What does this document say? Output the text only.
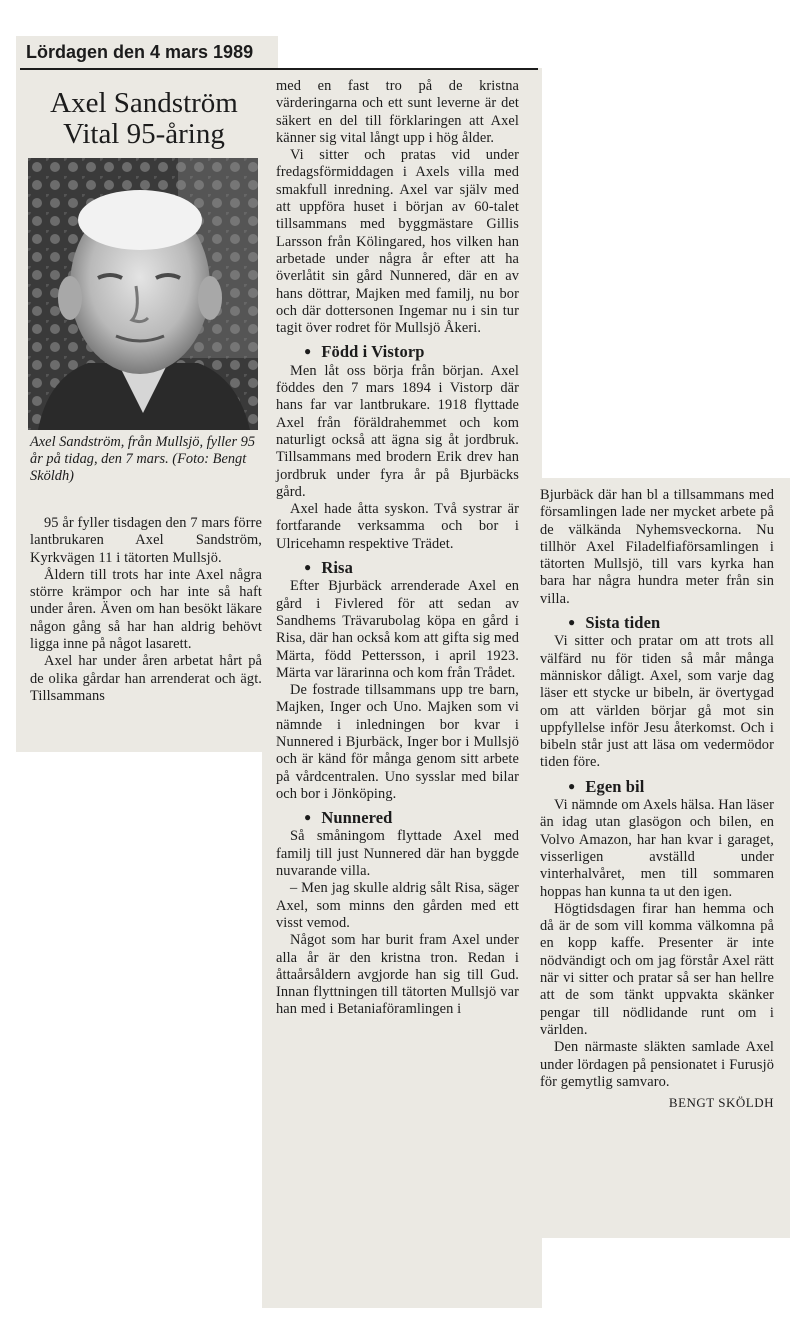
Lördagen den 4 mars 1989
Axel Sandström
Vital 95-åring
Axel Sandström, från Mullsjö, fyller 95 år på tidag, den 7 mars. (Foto: Bengt Sköldh)

95 år fyller tisdagen den 7 mars förre lantbrukaren Axel Sandström, Kyrkvägen 11 i tätorten Mullsjö.

Åldern till trots har inte Axel några större krämpor och har inte så haft under åren. Även om han besökt läkare någon gång så har han aldrig behövt ligga inne på något lasarett.

Axel har under åren arbetat hårt på de olika gårdar han arrenderat och ägt. Tillsammans

med en fast tro på de kristna värderingarna och ett sunt leverne är det säkert en del till förklaringen att Axel känner sig vital långt upp i hög ålder.

Vi sitter och pratas vid under fredagsförmiddagen i Axels villa med smakfull inredning. Axel var själv med att uppföra huset i början av 60-talet tillsammans med byggmästare Gillis Larsson från Kölingared, hos vilken han arbetade under några år efter att ha överlåtit sin gård Nunnered, där en av hans döttrar, Majken med familj, nu bor och där dottersonen Ingemar nu i sin tur tagit över rodret för Mullsjö Åkeri.

● Född i Vistorp

Men låt oss börja från början. Axel föddes den 7 mars 1894 i Vistorp där hans far var lantbrukare. 1918 flyttade Axel från föräldrahemmet och kom naturligt också att ägna sig åt jordbruk. Tillsammans med brodern Erik drev han jordbruk under fyra år på Bjurbäcks gård.

Axel hade åtta syskon. Två systrar är fortfarande verksamma och bor i Ulricehamn respektive Trädet.

● Risa

Efter Bjurbäck arrenderade Axel en gård i Fivlered för att sedan av Sandhems Trävarubolag köpa en gård i Risa, där han också kom att gifta sig med Märta, född Pettersson, i april 1923. Märta var lärarinna och kom från Trådet.

De fostrade tillsammans upp tre barn, Majken, Inger och Uno. Majken som vi nämnde i inledningen bor kvar i Nunnered i Bjurbäck, Inger bor i Mullsjö och är känd för många genom sitt arbete på vårdcentralen. Uno sysslar med bilar och bor i Jönköping.

● Nunnered

Så småningom flyttade Axel med familj till just Nunnered där han byggde nuvarande villa.

– Men jag skulle aldrig sålt Risa, säger Axel, som minns den gården med ett visst vemod.

Något som har burit fram Axel under alla år är den kristna tron. Redan i åttaårsåldern avgjorde han sig till Gud. Innan flyttningen till tätorten Mullsjö var han med i Betaniaföramlingen i

Bjurbäck där han bl a tillsammans med församlingen lade ner mycket arbete på de välkända Nyhemsveckorna. Nu tillhör Axel Filadelfiaförsamlingen i tätorten Mullsjö, till vars kyrka han bara har några hundra meter från sin villa.

● Sista tiden

Vi sitter och pratar om att trots all välfärd nu för tiden så mår många människor dåligt. Axel, som varje dag läser ett stycke ur bibeln, är övertygad om att världen börjar gå mot sin uppfyllelse inför Jesu återkomst. Och i bibeln står just att läsa om vedermödor tiden före.

● Egen bil

Vi nämnde om Axels hälsa. Han läser än idag utan glasögon och bilen, en Volvo Amazon, har han kvar i garaget, visserligen avställd under vinterhalvåret, men till sommaren hoppas han kunna ta ut den igen.

Högtidsdagen firar han hemma och då är de som vill komma välkomna på en kopp kaffe. Presenter är inte nödvändigt och om jag förstår Axel rätt när vi sitter och pratar så ser han hellre att de som tänkt uppvakta skänker pengar till nödlidande runt om i världen.

Den närmaste släkten samlade Axel under lördagen på pensionatet i Furusjö för gemytlig samvaro.

BENGT SKÖLDH
